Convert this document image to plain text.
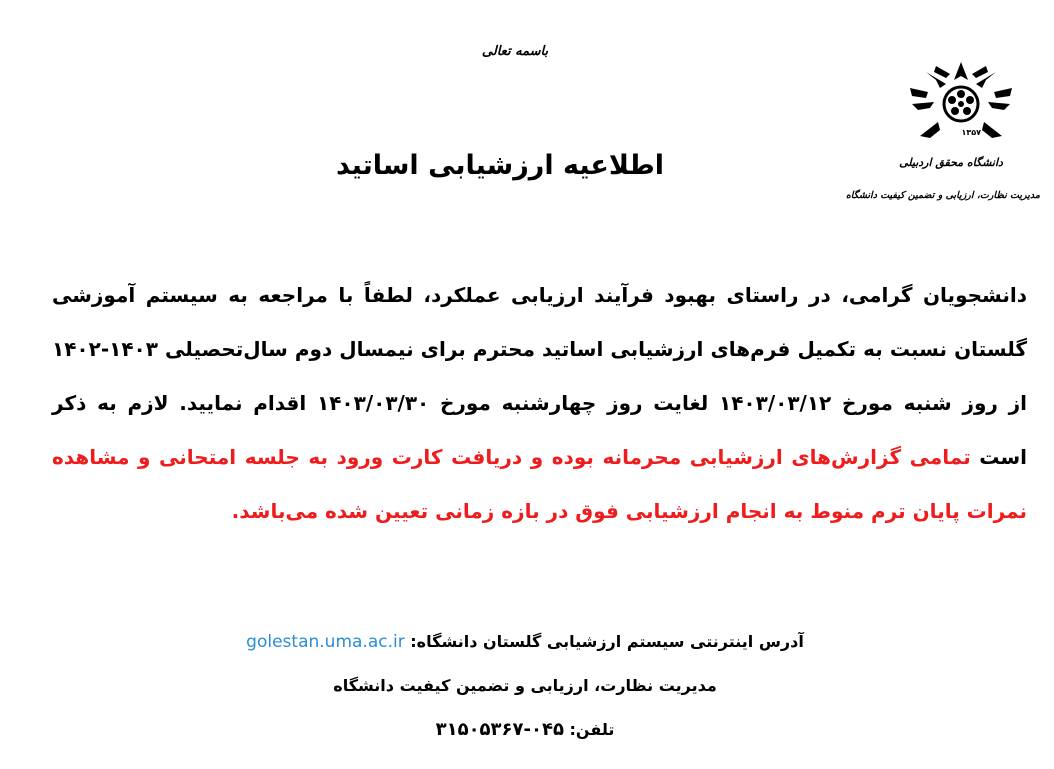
باسمه تعالی
۱۳۵۷
دانشگاه محقق اردبیلی
مدیریت نظارت، ارزیابی و تضمین کیفیت دانشگاه
اطلاعیه ارزشیابی اساتید
دانشجویان گرامی، در راستای بهبود فرآیند ارزیابی عملکرد، لطفاً با مراجعه به سیستم آموزشی گلستان نسبت به تکمیل فرم‌های ارزشیابی اساتید محترم برای نیمسال دوم سال‌تحصیلی ۱۴۰۳-۱۴۰۲ از روز شنبه مورخ ۱۴۰۳/۰۳/۱۲ لغایت روز چهارشنبه مورخ ۱۴۰۳/۰۳/۳۰ اقدام نمایید. لازم به ذکر است تمامی گزارش‌های ارزشیابی محرمانه بوده و دریافت کارت ورود به جلسه امتحانی و مشاهده نمرات پایان ترم منوط به انجام ارزشیابی فوق در بازه زمانی تعیین شده می‌باشد.
آدرس اینترنتی سیستم ارزشیابی گلستان دانشگاه: golestan.uma.ac.ir
مدیریت نظارت، ارزیابی و تضمین کیفیت دانشگاه
تلفن: ۰۴۵-۳۱۵۰۵۳۶۷
